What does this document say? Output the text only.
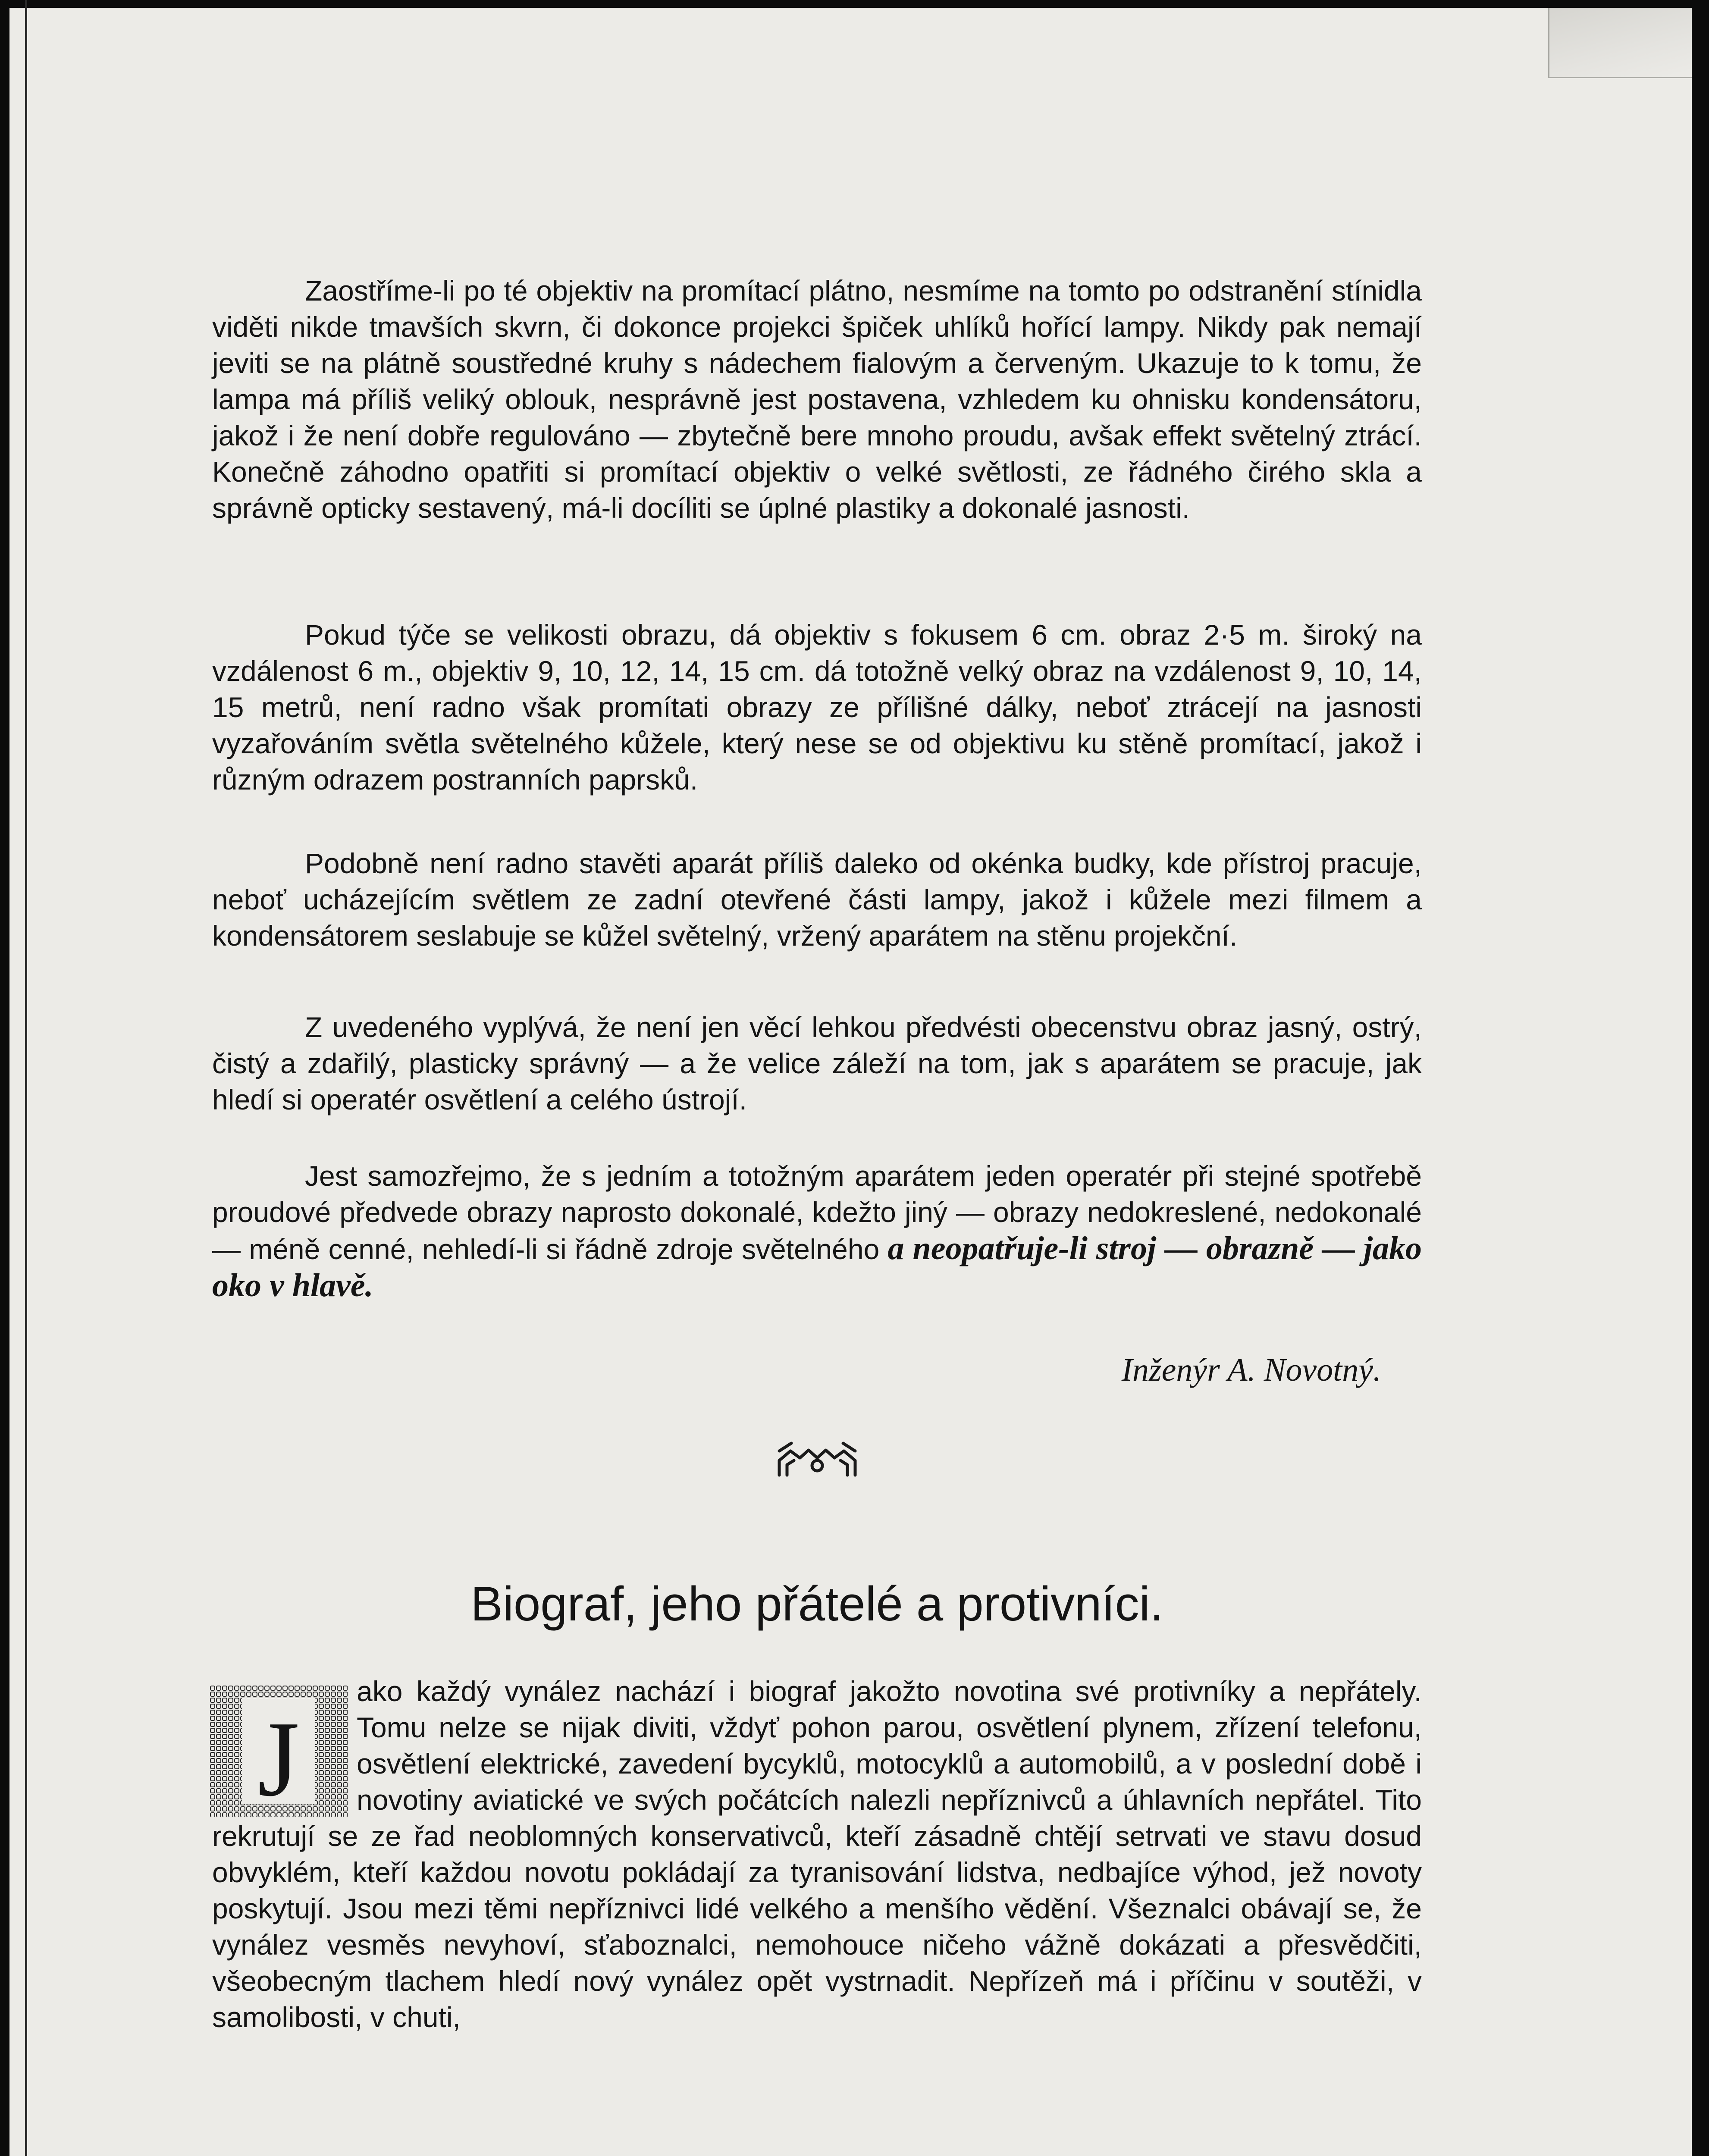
Zaostříme-li po té objektiv na promítací plátno, nesmíme na tomto po odstranění stínidla viděti nikde tmavších skvrn, či dokonce projekci špiček uhlíků hořící lampy. Nikdy pak nemají jeviti se na plátně soustředné kruhy s nádechem fialovým a červeným. Ukazuje to k tomu, že lampa má příliš veliký oblouk, nesprávně jest postavena, vzhledem ku ohnisku kondensátoru, jakož i že není dobře regulováno — zbytečně bere mnoho proudu, avšak effekt světelný ztrácí. Konečně záhodno opatřiti si promítací objektiv o velké světlosti, ze řádného čirého skla a správně opticky sestavený, má-li docíliti se úplné plastiky a dokonalé jasnosti.

Pokud týče se velikosti obrazu, dá objektiv s fokusem 6 cm. obraz 2·5 m. široký na vzdálenost 6 m., objektiv 9, 10, 12, 14, 15 cm. dá totožně velký obraz na vzdálenost 9, 10, 14, 15 metrů, není radno však promítati obrazy ze přílišné dálky, neboť ztrácejí na jasnosti vyzařováním světla světelného kůžele, který nese se od objektivu ku stěně promítací, jakož i různým odrazem postranních paprsků.

Podobně není radno stavěti aparát příliš daleko od okénka budky, kde přístroj pracuje, neboť ucházejícím světlem ze zadní otevřené části lampy, jakož i kůžele mezi filmem a kondensátorem seslabuje se kůžel světelný, vržený aparátem na stěnu projekční.

Z uvedeného vyplývá, že není jen věcí lehkou předvésti obecenstvu obraz jasný, ostrý, čistý a zdařilý, plasticky správný — a že velice záleží na tom, jak s aparátem se pracuje, jak hledí si operatér osvětlení a celého ústrojí.

Jest samozřejmo, že s jedním a totožným aparátem jeden operatér při stejné spotřebě proudové předvede obrazy naprosto dokonalé, kdežto jiný — obrazy nedokreslené, nedokonalé — méně cenné, nehledí-li si řádně zdroje světelného a neopatřuje-li stroj — obrazně — jako oko v hlavě.

Inženýr A. Novotný.

Biograf, jeho přátelé a protivníci.
J

ako každý vynález nachází i biograf jakožto novotina své protivníky a nepřátely. Tomu nelze se nijak diviti, vždyť pohon parou, osvětlení plynem, zřízení telefonu, osvětlení elektrické, zavedení bycyklů, motocyklů a automobilů, a v poslední době i novotiny aviatické ve svých počátcích nalezli nepříznivců a úhlavních nepřátel. Tito rekrutují se ze řad neoblomných konservativců, kteří zásadně chtějí setrvati ve stavu dosud obvyklém, kteří každou novotu pokládají za tyranisování lidstva, nedbajíce výhod, jež novoty poskytují. Jsou mezi těmi nepříznivci lidé velkého a menšího vědění. Všeznalci obávají se, že vynález vesměs nevyhoví, sťaboznalci, nemohouce ničeho vážně dokázati a přesvědčiti, všeobecným tlachem hledí nový vynález opět vystrnadit. Nepřízeň má i příčinu v soutěži, v samolibosti, v chuti,
